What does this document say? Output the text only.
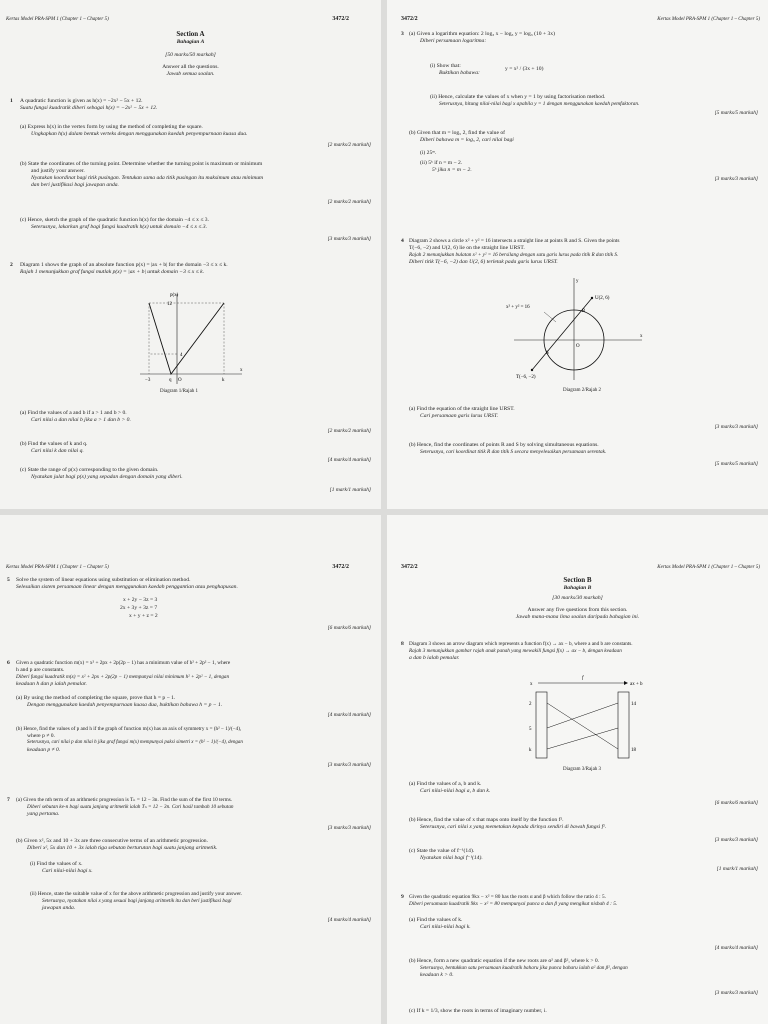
Kertas Model PRA-SPM 1 (Chapter 1 – Chapter 5)	3472/2
Section A
Bahagian A
[50 marks/50 markah]
Answer all the questions.
Jawab semua soalan.
1 A quadratic function is given as h(x) = −2x² − 5x + 12.
Suatu fungsi kuadratik diberi sebagai h(x) = −2x² − 5x + 12.
(a) Express h(x) in the vertex form by using the method of completing the square.
Ungkapkan h(x) dalam bentuk verteks dengan menggunakan kaedah penyempurnaan kuasa dua.
[2 marks/2 markah]
(b) State the coordinates of the turning point. Determine whether the turning point is maximum or minimum
and justify your answer.
Nyatakan koordinat bagi titik pusingan. Tentukan sama ada titik pusingan itu maksimum atau minimum
dan beri justifikasi bagi jawapan anda.
[2 marks/2 markah]
(c) Hence, sketch the graph of the quadratic function h(x) for the domain −4 ≤ x ≤ 3.
Seterusnya, lakarkan graf bagi fungsi kuadratik h(x) untuk domain −4 ≤ x ≤ 3.
[3 marks/3 markah]
2 Diagram 1 shows the graph of an absolute function p(x) = |ax + b| for the domain −3 ≤ x ≤ k.
Rajah 1 menunjukkan graf fungsi mutlak p(x) = |ax + b| untuk domain −3 ≤ x ≤ k.
p(x)
12
4
−3	q O	k
x
Diagram 1/Rajah 1
(a) Find the values of a and b if a > 1 and b > 0.
Cari nilai a dan nilai b jika a > 1 dan b > 0.
[2 marks/2 markah]
(b) Find the values of k and q.
Cari nilai k dan nilai q.
[4 marks/4 markah]
(c) State the range of p(x) corresponding to the given domain.
Nyatakan julat bagi p(x) yang sepadan dengan domain yang diberi.
[1 mark/1 markah]
3472/2	Kertas Model PRA-SPM 1 (Chapter 1 – Chapter 5)
3 (a) Given a logarithm equation: 2 log₃ x − log₃ y = log₃ (10 + 3x)
Diberi persamaan logaritma:
(i) Show that:
Buktikan bahawa:
y = x² / (3x + 10)
(ii) Hence, calculate the values of x when y = 1 by using factorisation method.
Seterusnya, hitung nilai-nilai bagi x apabila y = 1 dengan menggunakan kaedah pemfaktoran.
[5 marks/5 markah]
(b) Given that m = log₅ 2, find the value of
Diberi bahawa m = log₅ 2, cari nilai bagi
(i) 25ᵐ.
(ii) 5ᵏ if n = m − 2.
5ᵏ jika n = m − 2.
[3 marks/3 markah]
4 Diagram 2 shows a circle x² + y² = 16 intersects a straight line at points R and S. Given the points
T(−6, −2) and U(2, 6) lie on the straight line URST.
Rajah 2 menunjukkan bulatan x² + y² = 16 bersilang dengan satu garis lurus pada titik R dan titik S.
Diberi titik T(−6, −2) dan U(2, 6) terletak pada garis lurus URST.
x² + y² = 16
U(2, 6)
T(−6, −2)
R
S
O
x
y
Diagram 2/Rajah 2
(a) Find the equation of the straight line URST.
Cari persamaan garis lurus URST.
[3 marks/3 markah]
(b) Hence, find the coordinates of points R and S by solving simultaneous equations.
Seterusnya, cari koordinat titik R dan titik S secara menyelesaikan persamaan serentak.
[5 marks/5 markah]
Kertas Model PRA-SPM 1 (Chapter 1 – Chapter 5)	3472/2
5 Solve the system of linear equations using substitution or elimination method.
Selesaikan sistem persamaan linear dengan menggunakan kaedah penggantian atau penghapusan.
x + 2y − 3z = 3
2x + 3y + 3z = 7
x + y + z = 2
[6 marks/6 markah]
6 Given a quadratic function m(x) = x² + 2px + 2p(2p − 1) has a minimum value of h² + 2p² − 1, where
h and p are constants.
Diberi fungsi kuadratik m(x) = x² + 2px + 2p(2p − 1) mempunyai nilai minimum h² + 2p² − 1, dengan
keadaan h dan p ialah pemalar.
(a) By using the method of completing the square, prove that h = p − 1.
Dengan menggunakan kaedah penyempurnaan kuasa dua, buktikan bahawa h = p − 1.
[4 marks/4 markah]
(b) Hence, find the values of p and h if the graph of function m(x) has an axis of symmetry x = (h² − 1)/(−4),
where p ≠ 0.
Seterusnya, cari nilai p dan nilai h jika graf fungsi m(x) mempunyai paksi simetri x = (h² − 1)/(−4), dengan
keadaan p ≠ 0.
[3 marks/3 markah]
7 (a) Given the nth term of an arithmetic progression is Tₙ = 12 − 3n. Find the sum of the first 10 terms.
Diberi sebutan ke-n bagi suatu janjang aritmetik ialah Tₙ = 12 − 3n. Cari hasil tambah 10 sebutan
yang pertama.
[3 marks/3 markah]
(b) Given x², 5x and 10 + 3x are three consecutive terms of an arithmetic progression.
Diberi x², 5x dan 10 + 3x ialah tiga sebutan berturutan bagi suatu janjang aritmetik.
(i) Find the values of x.
Cari nilai-nilai bagi x.
(ii) Hence, state the suitable value of x for the above arithmetic progression and justify your answer.
Seterusnya, nyatakan nilai x yang sesuai bagi janjang aritmetik itu dan beri justifikasi bagi
jawapan anda.
[4 marks/4 markah]
3472/2	Kertas Model PRA-SPM 1 (Chapter 1 – Chapter 5)
Section B
Bahagian B
[30 marks/30 markah]
Answer any five questions from this section.
Jawab mana-mana lima soalan daripada bahagian ini.
8 Diagram 3 shows an arrow diagram which represents a function f(x) → ax − b, where a and b are constants.
Rajah 3 menunjukkan gambar rajah anak panah yang mewakili fungsi f(x) → ax − b, dengan keadaan
a dan b ialah pemalar.
x
f
ax + b
2	14
5
k	18
Diagram 3/Rajah 3
(a) Find the values of a, b and k.
Cari nilai-nilai bagi a, b dan k.
[6 marks/6 markah]
(b) Hence, find the value of x that maps onto itself by the function f².
Seterusnya, cari nilai x yang memetakan kepada dirinya sendiri di bawah fungsi f².
[3 marks/3 markah]
(c) State the value of f⁻¹(14).
Nyatakan nilai bagi f⁻¹(14).
[1 mark/1 markah]
9 Given the quadratic equation 9kx − x² = 80 has the roots α and β which follow the ratio 4 : 5.
Diberi persamaan kuadratik 9kx − x² = 80 mempunyai punca α dan β yang mengikut nisbah 4 : 5.
(a) Find the values of k.
Cari nilai-nilai bagi k.
[4 marks/4 markah]
(b) Hence, form a new quadratic equation if the new roots are α² and β², where k > 0.
Seterusnya, bentukkan satu persamaan kuadratik baharu jika punca baharu ialah α² dan β², dengan
keadaan k > 0.
[3 marks/3 markah]
(c) If k = 1/3, show the roots in terms of imaginary number, i.
